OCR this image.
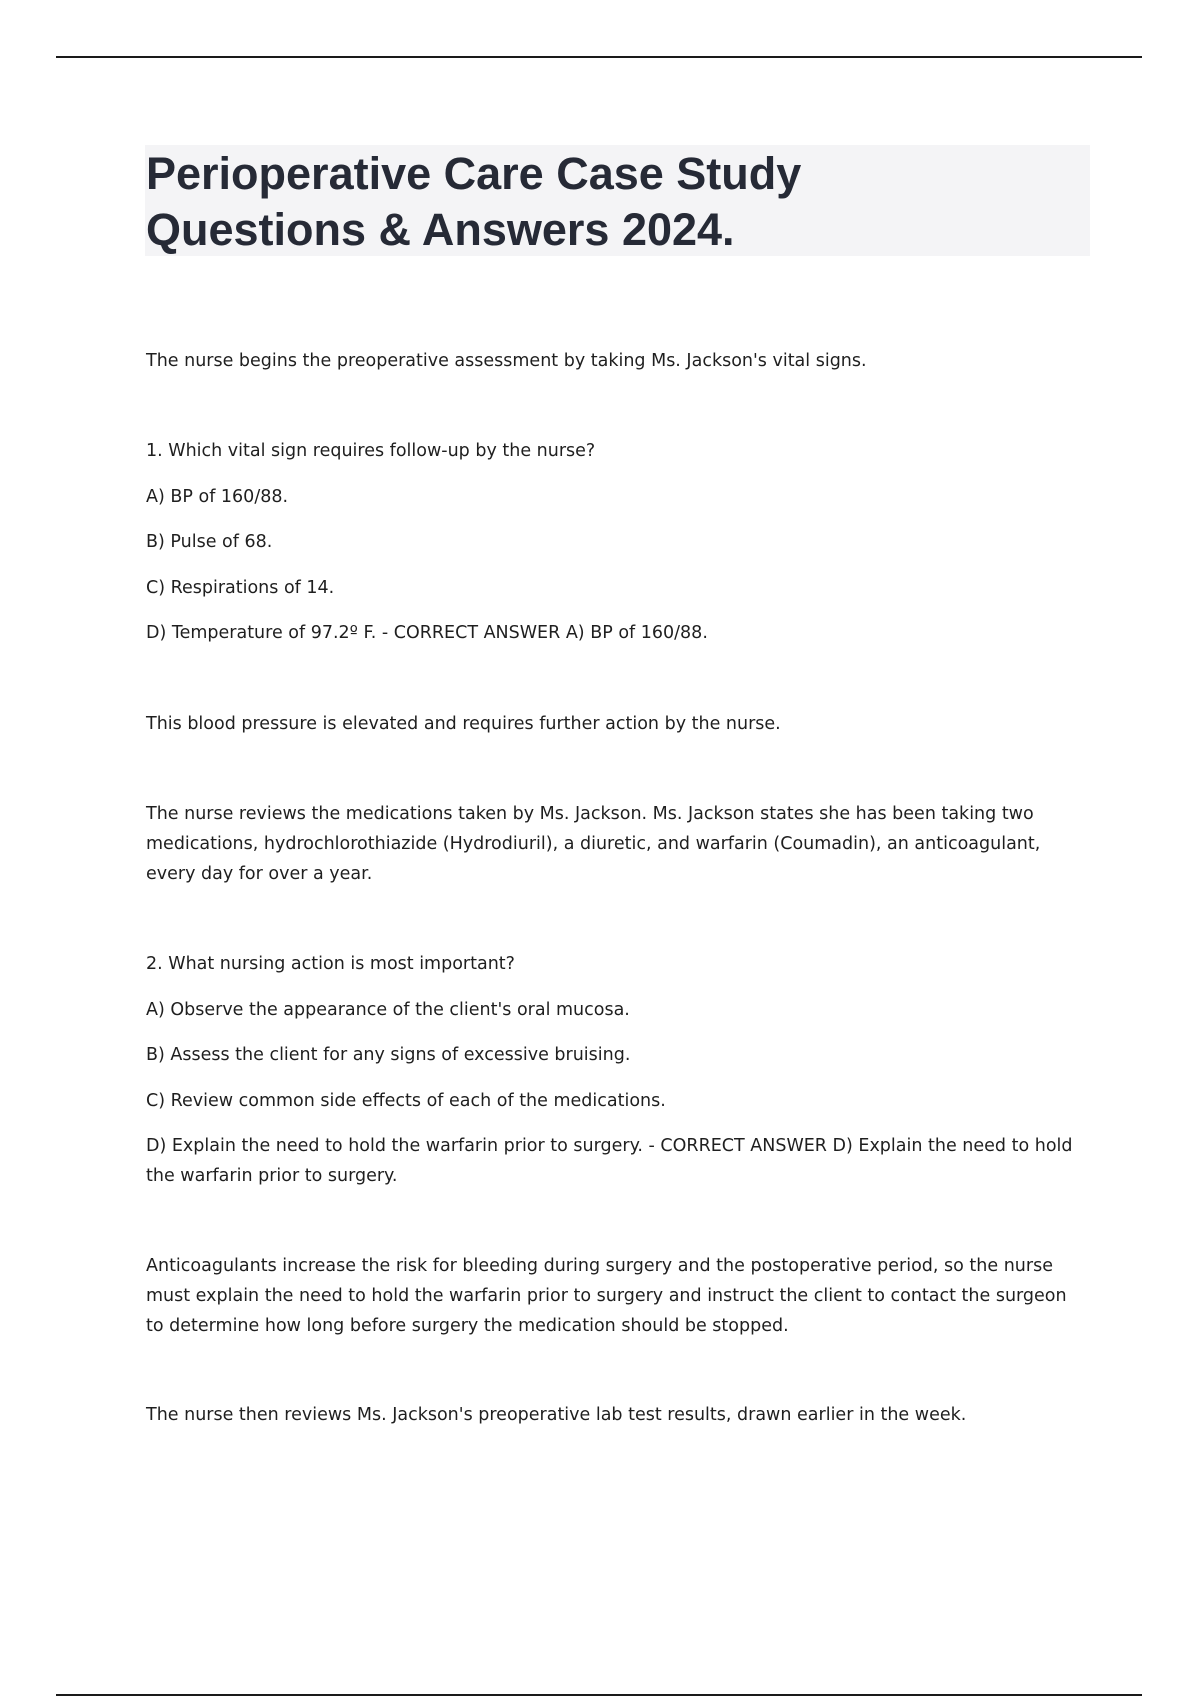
Perioperative Care Case Study
Questions & Answers 2024.

The nurse begins the preoperative assessment by taking Ms. Jackson's vital signs.

1. Which vital sign requires follow-up by the nurse?

A) BP of 160/88.

B) Pulse of 68.

C) Respirations of 14.

D) Temperature of 97.2º F. - CORRECT ANSWER A) BP of 160/88.

This blood pressure is elevated and requires further action by the nurse.

The nurse reviews the medications taken by Ms. Jackson. Ms. Jackson states she has been taking two medications, hydrochlorothiazide (Hydrodiuril), a diuretic, and warfarin (Coumadin), an anticoagulant, every day for over a year.

2. What nursing action is most important?

A) Observe the appearance of the client's oral mucosa.

B) Assess the client for any signs of excessive bruising.

C) Review common side effects of each of the medications.

D) Explain the need to hold the warfarin prior to surgery. - CORRECT ANSWER D) Explain the need to hold the warfarin prior to surgery.

Anticoagulants increase the risk for bleeding during surgery and the postoperative period, so the nurse must explain the need to hold the warfarin prior to surgery and instruct the client to contact the surgeon to determine how long before surgery the medication should be stopped.

The nurse then reviews Ms. Jackson's preoperative lab test results, drawn earlier in the week.
